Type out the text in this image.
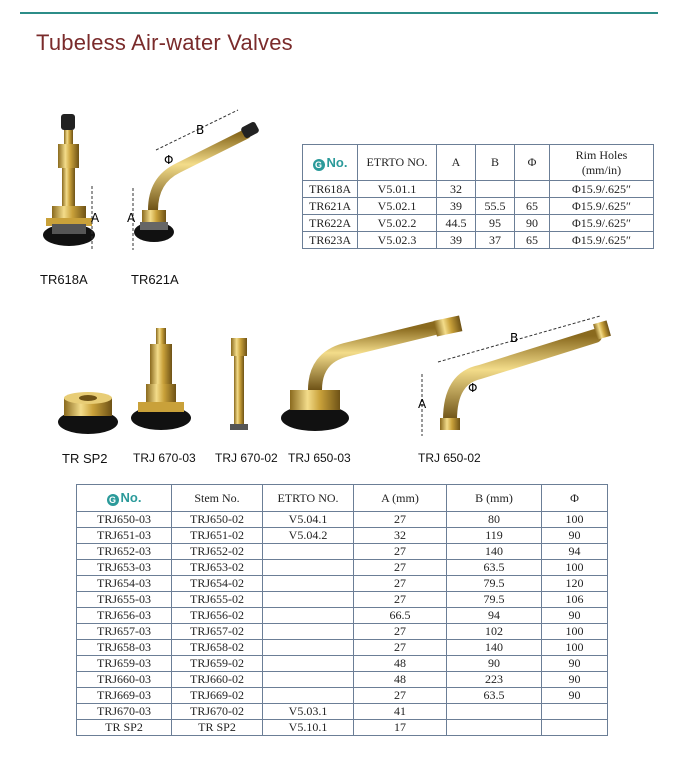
Tubeless Air-water Valves
A A
B
Φ
TR618A	TR621A
G No.	ETRTO NO.	A	B	Φ	Rim Holes
(mm/in)
TR618A	V5.01.1	32			Φ15.9/.625″
TR621A	V5.02.1	39	55.5	65	Φ15.9/.625″
TR622A	V5.02.2	44.5	95	90	Φ15.9/.625″
TR623A	V5.02.3	39	37	65	Φ15.9/.625″
A
B
Φ
TR SP2 TRJ 670-03 TRJ 670-02 TRJ 650-03	TRJ 650-02
G No.	Stem No.	ETRTO NO.	A (mm)	B (mm)	Φ
TRJ650-03	TRJ650-02	V5.04.1	27	80	100
TRJ651-03	TRJ651-02	V5.04.2	32	119	90
TRJ652-03	TRJ652-02		27	140	94
TRJ653-03	TRJ653-02		27	63.5	100
TRJ654-03	TRJ654-02		27	79.5	120
TRJ655-03	TRJ655-02		27	79.5	106
TRJ656-03	TRJ656-02		66.5	94	90
TRJ657-03	TRJ657-02		27	102	100
TRJ658-03	TRJ658-02		27	140	100
TRJ659-03	TRJ659-02		48	90	90
TRJ660-03	TRJ660-02		48	223	90
TRJ669-03	TRJ669-02		27	63.5	90
TRJ670-03	TRJ670-02	V5.03.1	41		
TR SP2	TR SP2	V5.10.1	17		
